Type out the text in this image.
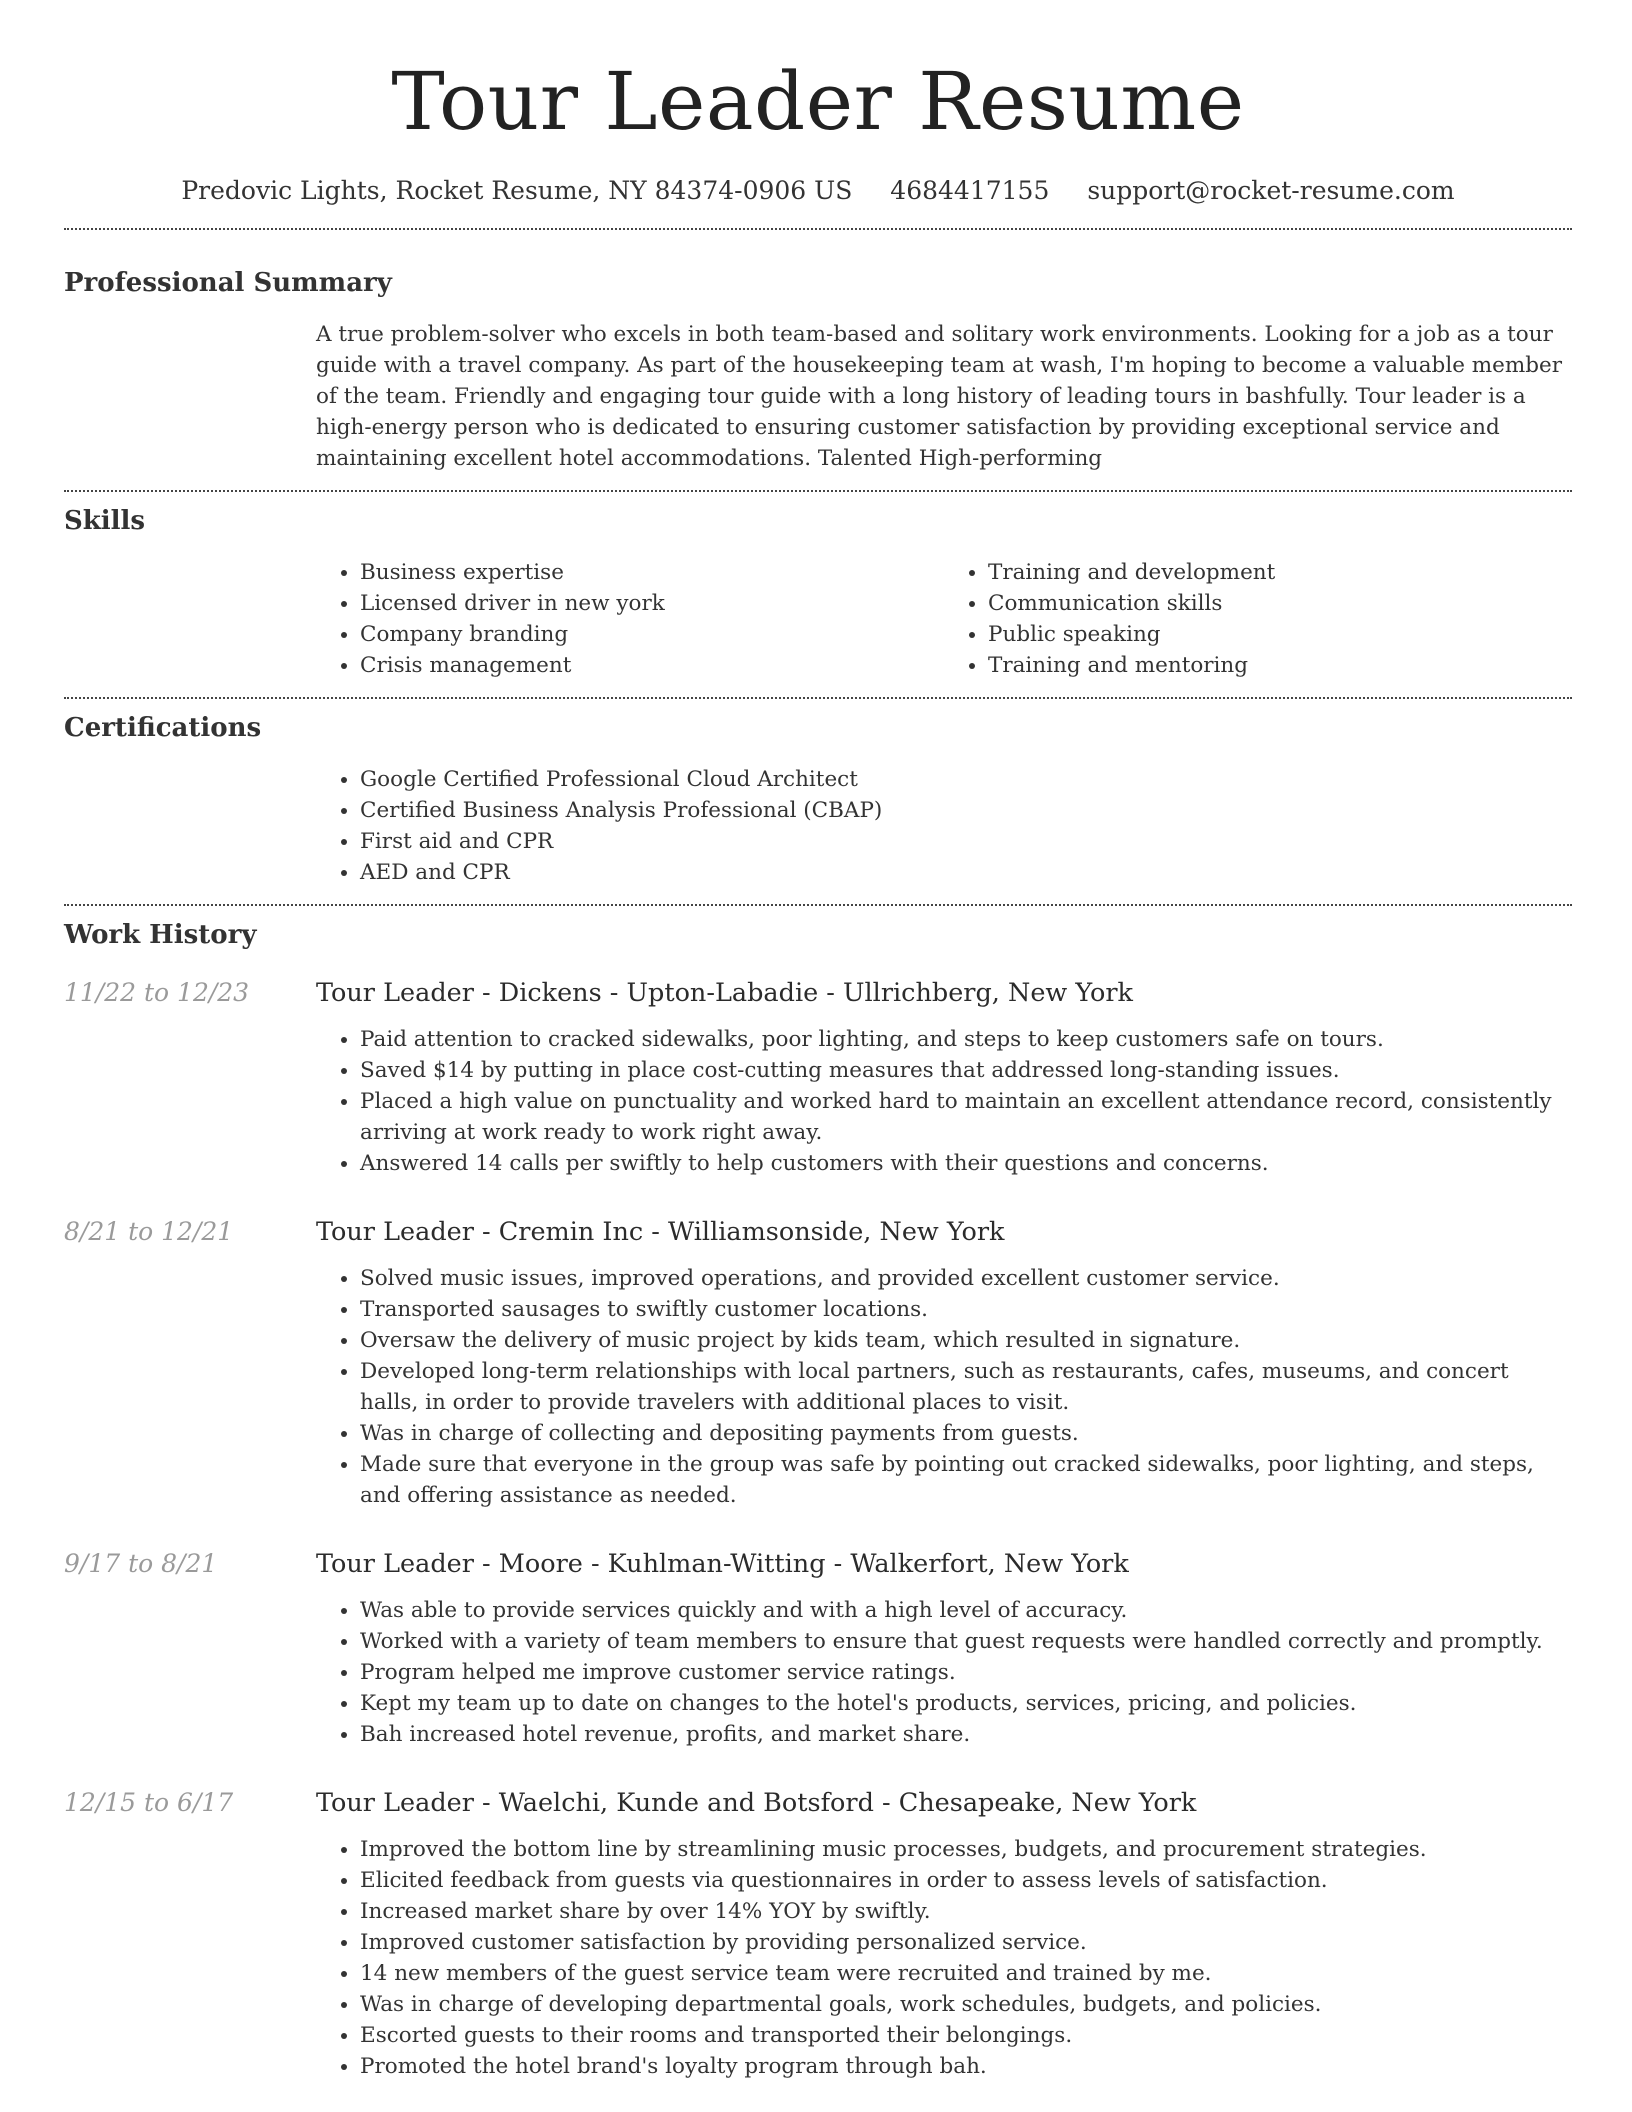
Tour Leader Resume
Predovic Lights, Rocket Resume, NY 84374-0906 US 4684417155 support@rocket-resume.com
Professional Summary
A true problem-solver who excels in both team-based and solitary work environments. Looking for a job as a tour guide with a travel company. As part of the housekeeping team at wash, I'm hoping to become a valuable member of the team. Friendly and engaging tour guide with a long history of leading tours in bashfully. Tour leader is a high-energy person who is dedicated to ensuring customer satisfaction by providing exceptional service and maintaining excellent hotel accommodations. Talented High-performing
Skills
• Business expertise
• Licensed driver in new york
• Company branding
• Crisis management
• Training and development
• Communication skills
• Public speaking
• Training and mentoring
Certifications
• Google Certified Professional Cloud Architect
• Certified Business Analysis Professional (CBAP)
• First aid and CPR
• AED and CPR
Work History
11/22 to 12/23	Tour Leader - Dickens - Upton-Labadie - Ullrichberg, New York
• Paid attention to cracked sidewalks, poor lighting, and steps to keep customers safe on tours.
• Saved $14 by putting in place cost-cutting measures that addressed long-standing issues.
• Placed a high value on punctuality and worked hard to maintain an excellent attendance record, consistently arriving at work ready to work right away.
• Answered 14 calls per swiftly to help customers with their questions and concerns.
8/21 to 12/21	Tour Leader - Cremin Inc - Williamsonside, New York
• Solved music issues, improved operations, and provided excellent customer service.
• Transported sausages to swiftly customer locations.
• Oversaw the delivery of music project by kids team, which resulted in signature.
• Developed long-term relationships with local partners, such as restaurants, cafes, museums, and concert halls, in order to provide travelers with additional places to visit.
• Was in charge of collecting and depositing payments from guests.
• Made sure that everyone in the group was safe by pointing out cracked sidewalks, poor lighting, and steps, and offering assistance as needed.
9/17 to 8/21	Tour Leader - Moore - Kuhlman-Witting - Walkerfort, New York
• Was able to provide services quickly and with a high level of accuracy.
• Worked with a variety of team members to ensure that guest requests were handled correctly and promptly.
• Program helped me improve customer service ratings.
• Kept my team up to date on changes to the hotel's products, services, pricing, and policies.
• Bah increased hotel revenue, profits, and market share.
12/15 to 6/17	Tour Leader - Waelchi, Kunde and Botsford - Chesapeake, New York
• Improved the bottom line by streamlining music processes, budgets, and procurement strategies.
• Elicited feedback from guests via questionnaires in order to assess levels of satisfaction.
• Increased market share by over 14% YOY by swiftly.
• Improved customer satisfaction by providing personalized service.
• 14 new members of the guest service team were recruited and trained by me.
• Was in charge of developing departmental goals, work schedules, budgets, and policies.
• Escorted guests to their rooms and transported their belongings.
• Promoted the hotel brand's loyalty program through bah.
